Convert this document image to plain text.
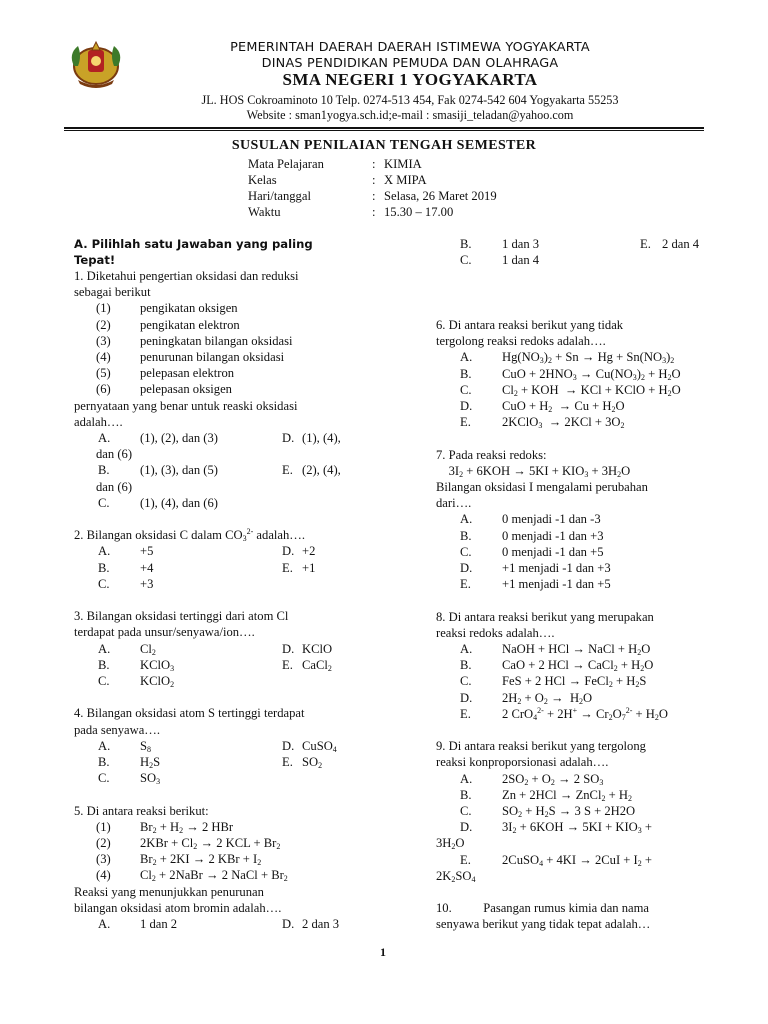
PEMERINTAH DAERAH DAERAH ISTIMEWA YOGYAKARTA
DINAS PENDIDIKAN PEMUDA DAN OLAHRAGA
SMA NEGERI 1 YOGYAKARTA
JL. HOS Cokroaminoto 10 Telp. 0274-513 454, Fak 0274-542 604 Yogyakarta 55253
Website : sman1yogya.sch.id;e-mail : smasiji_teladan@yahoo.com
SUSULAN PENILAIAN TENGAH SEMESTER
Mata Pelajaran	: KIMIA
Kelas	: X MIPA
Hari/tanggal	: Selasa, 26 Maret 2019
Waktu	: 15.30 – 17.00
A. Pilihlah satu Jawaban yang paling
Tepat!
1. Diketahui pengertian oksidasi dan reduksi
sebagai berikut
(1) pengikatan oksigen
(2) pengikatan elektron
(3) peningkatan bilangan oksidasi
(4) penurunan bilangan oksidasi
(5) pelepasan elektron
(6) pelepasan oksigen
pernyataan yang benar untuk reaski oksidasi
adalah….
A. (1), (2), dan (3)	D. (1), (4),
dan (6)
B. (1), (3), dan (5)	E. (2), (4),
dan (6)
C. (1), (4), dan (6)
2. Bilangan oksidasi C dalam $CO_3^{2-}$ adalah….
A. +5	D. +2
B. +4	E. +1
C. +3
3. Bilangan oksidasi tertinggi dari atom Cl
terdapat pada unsur/senyawa/ion….
A. $Cl_2$	D. KClO
B. KClO$_3$	E. CaCl$_2$
C. KClO$_2$
4. Bilangan oksidasi atom S tertinggi terdapat
pada senyawa….
A. $S_8$	D. CuSO$_4$
B. $H_2S$	E. $SO_2$
C. $SO_3$
5. Di antara reaksi berikut:
(1) $Br_2 + H_2 \to 2$ HBr
(2) $2KBr + Cl_2 \to 2$ KCL + $Br_2$
(3) $Br_2 + 2KI \to 2$ KBr + $I_2$
(4) $Cl_2$ + 2NaBr → 2 NaCl + $Br_2$
Reaksi yang menunjukkan penurunan
bilangan oksidasi atom bromin adalah….
A. 1 dan 2	D. 2 dan 3
B. 1 dan 3	E. 2 dan 4
C. 1 dan 4
6. Di antara reaksi berikut yang tidak
tergolong reaksi redoks adalah….
A. $Hg(NO_3)_2 + Sn \to Hg + Sn(NO_3)_2$
B. CuO + $2HNO_3 \to Cu(NO_3)_2 + H_2O$
C. $Cl_2$ + KOH  → KCl + KClO + $H_2O$
D. CuO + $H_2 \to Cu + H_2O$
E. 2KClO$_3$  → $2KCl + 3O_2$
7. Pada reaksi redoks:
$3I_2 + 6KOH \to 5KI + KIO_3 + 3H_2O$
Bilangan oksidasi I mengalami perubahan
dari….
A. 0 menjadi -1 dan -3
B. 0 menjadi -1 dan +3
C. 0 menjadi -1 dan +5
D. +1 menjadi -1 dan +3
E. +1 menjadi -1 dan +5
8. Di antara reaksi berikut yang merupakan
reaksi redoks adalah….
A. NaOH + HCl → NaCl + $H_2O$
B. CaO + 2 HCl → CaCl$_2$ + $H_2O$
C. FeS + 2 HCl → FeCl$_2$ + $H_2S$
D. $2H_2 + O_2 \to H_2O$
E. 2 $CrO_4^{2-} + 2H^+ \to Cr_2O_7^{2-} + H_2O$
9. Di antara reaksi berikut yang tergolong
reaksi konproporsionasi adalah….
A. $2SO_2 + O_2 \to 2$ $SO_3$
B. Zn + 2HCl → ZnCl$_2$ + $H_2$
C. $SO_2 + H_2S \to 3$ S + 2H2O
D. $3I_2 + 6KOH \to 5KI + KIO_3$ +
$3H_2O$
E. 2CuSO$_4$ + $4KI \to 2CuI + I_2$ +
$2K_2SO_4$
10.          Pasangan rumus kimia dan nama
senyawa berikut yang tidak tepat adalah…
1
